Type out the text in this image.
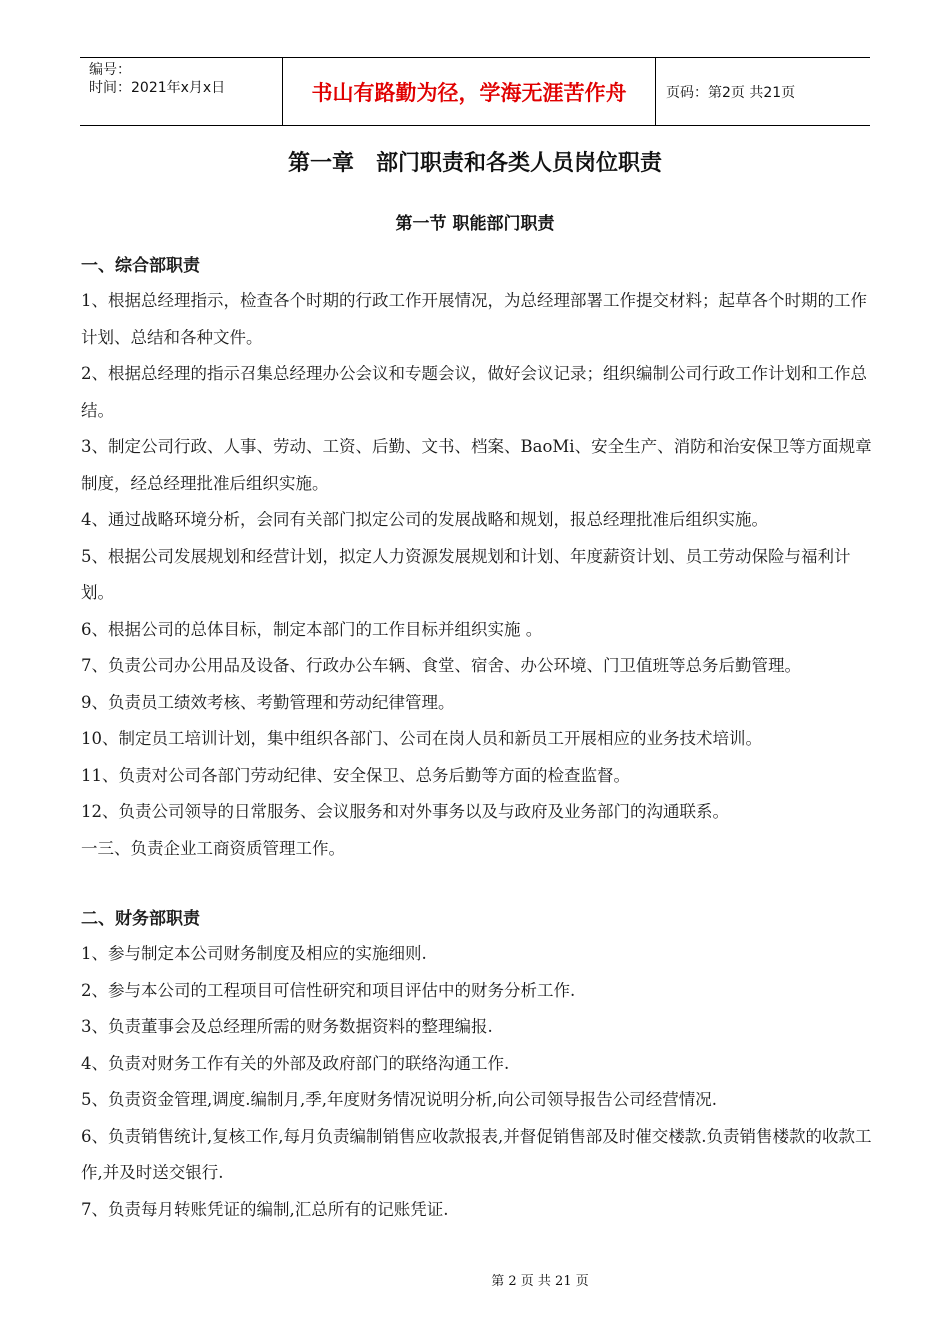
编号：
时间：2021年x月x日	书山有路勤为径，学海无涯苦作舟	页码：第2页 共21页
第一章　部门职责和各类人员岗位职责
第一节 职能部门职责
一、综合部职责
1、根据总经理指示，检查各个时期的行政工作开展情况，为总经理部署工作提交材料；起草各个时期的工作计划、总结和各种文件。
2、根据总经理的指示召集总经理办公会议和专题会议，做好会议记录；组织编制公司行政工作计划和工作总结。
3、制定公司行政、人事、劳动、工资、后勤、文书、档案、BaoMi、安全生产、消防和治安保卫等方面规章制度，经总经理批准后组织实施。
4、通过战略环境分析，会同有关部门拟定公司的发展战略和规划，报总经理批准后组织实施。
5、根据公司发展规划和经营计划，拟定人力资源发展规划和计划、年度薪资计划、员工劳动保险与福利计划。
6、根据公司的总体目标，制定本部门的工作目标并组织实施 。
7、负责公司办公用品及设备、行政办公车辆、食堂、宿舍、办公环境、门卫值班等总务后勤管理。
9、负责员工绩效考核、考勤管理和劳动纪律管理。
10、制定员工培训计划，集中组织各部门、公司在岗人员和新员工开展相应的业务技术培训。
11、负责对公司各部门劳动纪律、安全保卫、总务后勤等方面的检查监督。
12、负责公司领导的日常服务、会议服务和对外事务以及与政府及业务部门的沟通联系。
一三、负责企业工商资质管理工作。
二、财务部职责
1、参与制定本公司财务制度及相应的实施细则.
2、参与本公司的工程项目可信性研究和项目评估中的财务分析工作.
3、负责董事会及总经理所需的财务数据资料的整理编报.
4、负责对财务工作有关的外部及政府部门的联络沟通工作.
5、负责资金管理,调度.编制月,季,年度财务情况说明分析,向公司领导报告公司经营情况.
6、负责销售统计,复核工作,每月负责编制销售应收款报表,并督促销售部及时催交楼款.负责销售楼款的收款工作,并及时送交银行.
7、负责每月转账凭证的编制,汇总所有的记账凭证.
第 2 页 共 21 页
